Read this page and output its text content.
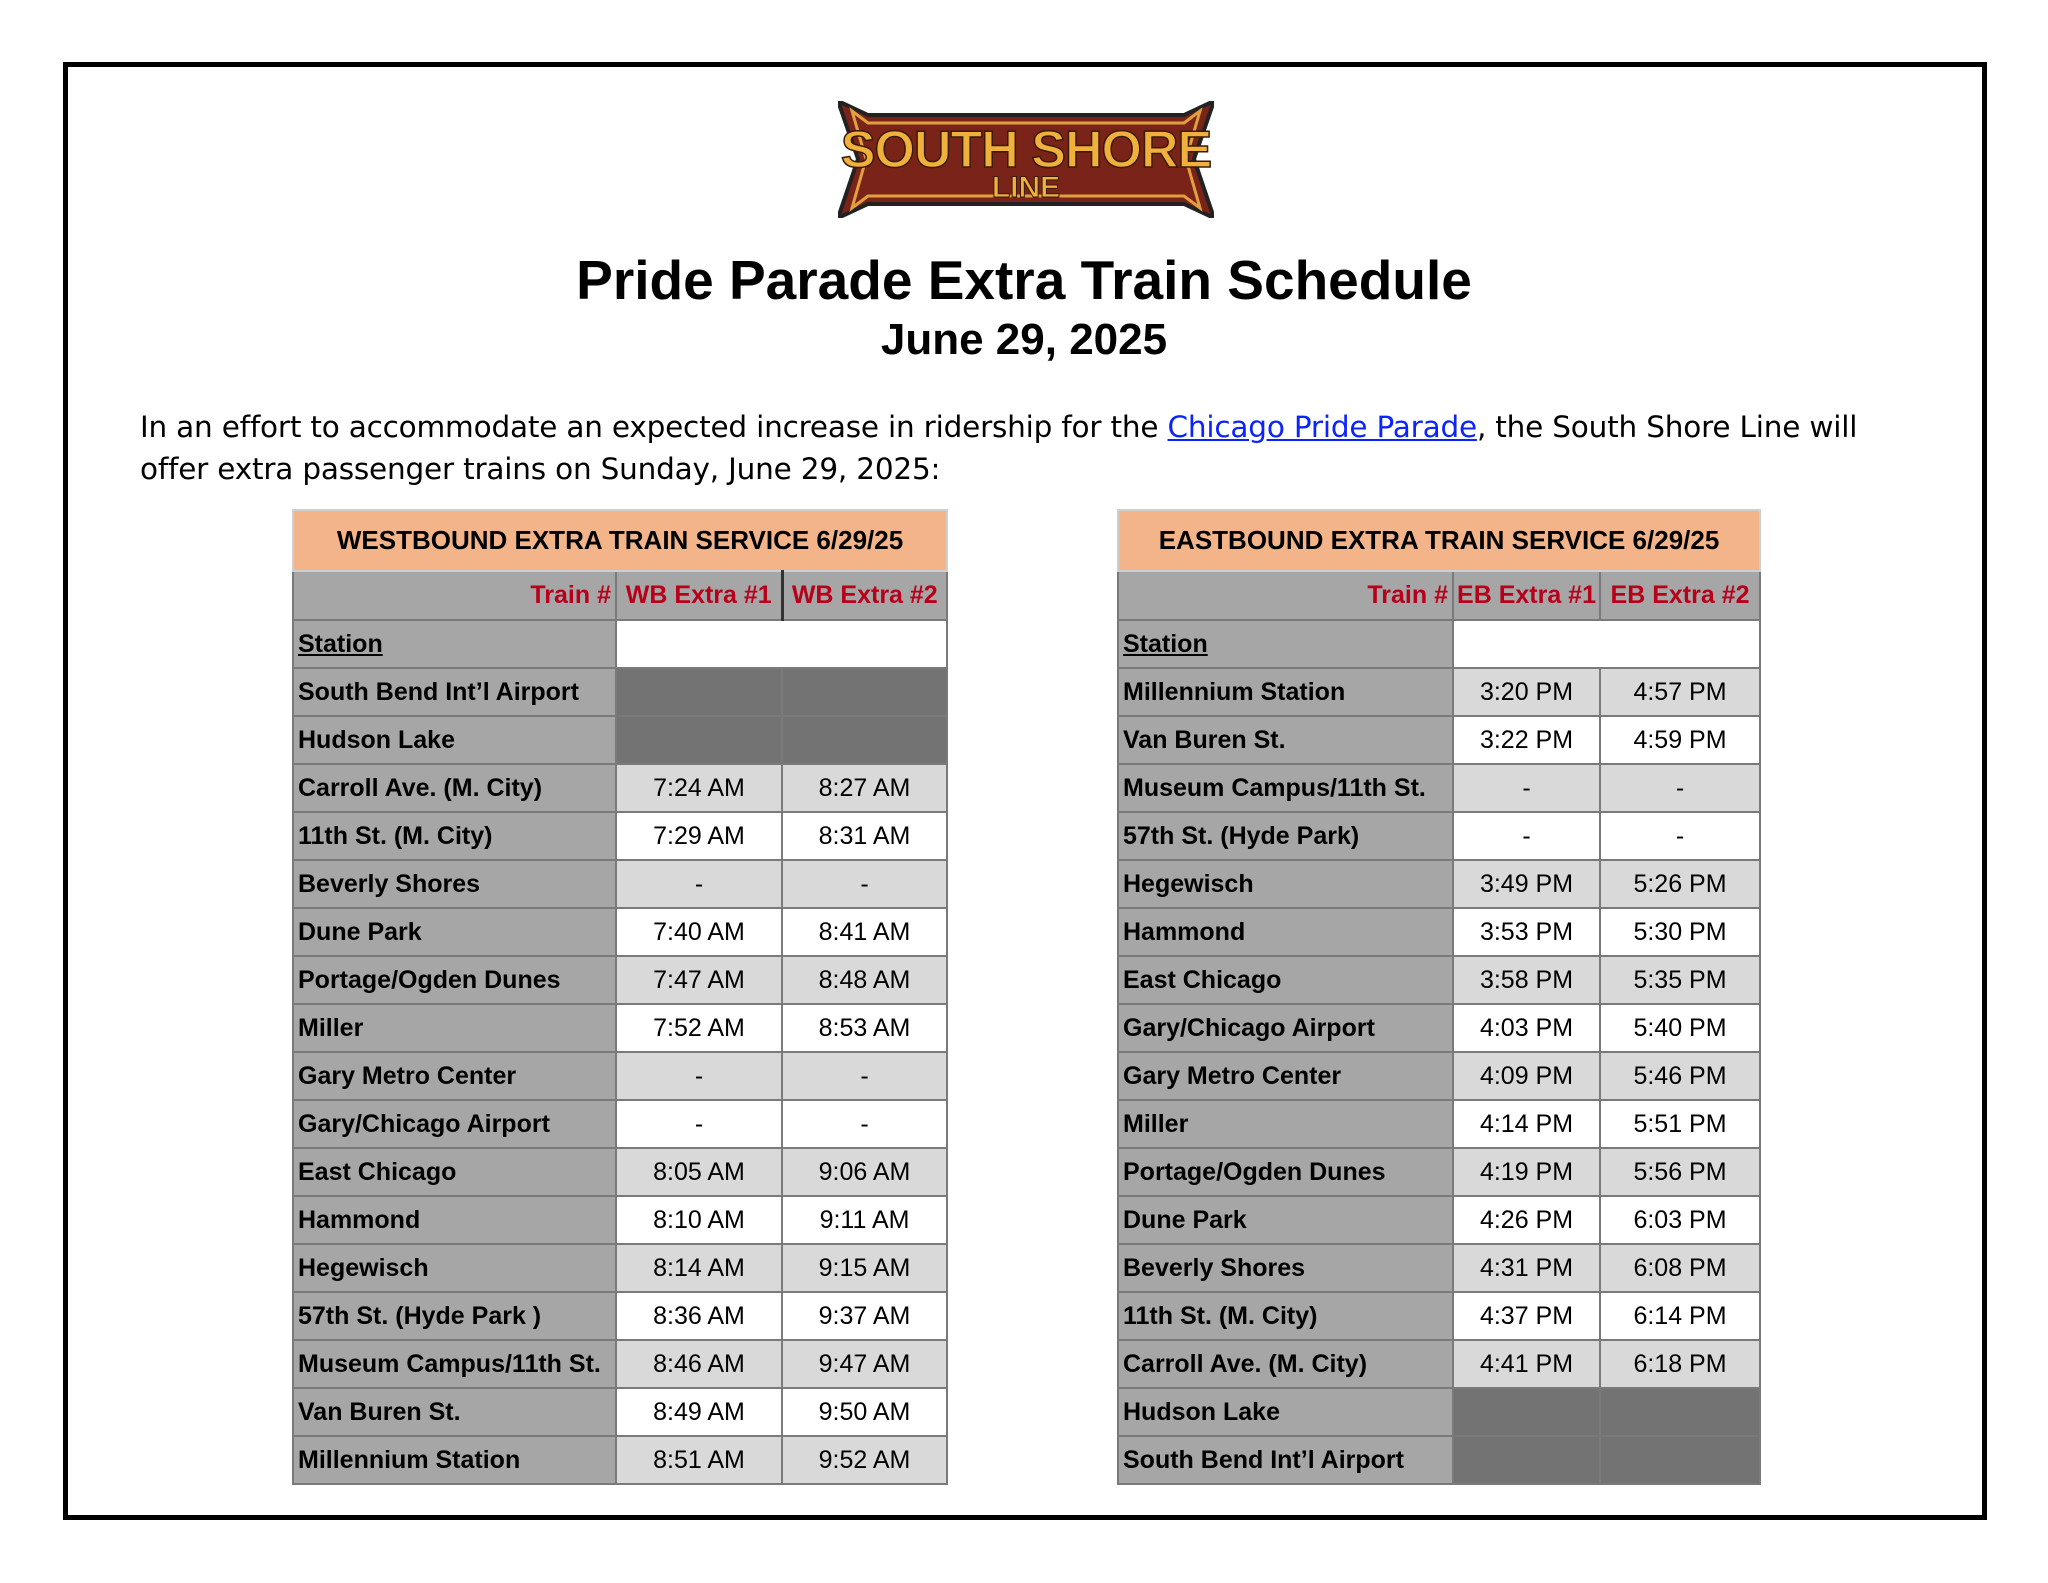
SOUTH SHORE
LINE
Pride Parade Extra Train Schedule
June 29, 2025
In an effort to accommodate an expected increase in ridership for the Chicago Pride Parade, the South Shore Line will offer extra passenger trains on Sunday, June 29, 2025:
WESTBOUND EXTRA TRAIN SERVICE 6/29/25		
Train #	WB Extra #1	WB Extra #2
Station		
South Bend Int’l Airport		
Hudson Lake		
Carroll Ave. (M. City)	7:24 AM	8:27 AM
11th St. (M. City)	7:29 AM	8:31 AM
Beverly Shores	-	-
Dune Park	7:40 AM	8:41 AM
Portage/Ogden Dunes	7:47 AM	8:48 AM
Miller	7:52 AM	8:53 AM
Gary Metro Center	-	-
Gary/Chicago Airport	-	-
East Chicago	8:05 AM	9:06 AM
Hammond	8:10 AM	9:11 AM
Hegewisch	8:14 AM	9:15 AM
57th St. (Hyde Park )	8:36 AM	9:37 AM
Museum Campus/11th St.	8:46 AM	9:47 AM
Van Buren St.	8:49 AM	9:50 AM
Millennium Station	8:51 AM	9:52 AM
EASTBOUND EXTRA TRAIN SERVICE 6/29/25		
Train #	EB Extra #1	EB Extra #2
Station		
Millennium Station	3:20 PM	4:57 PM
Van Buren St.	3:22 PM	4:59 PM
Museum Campus/11th St.	-	-
57th St. (Hyde Park)	-	-
Hegewisch	3:49 PM	5:26 PM
Hammond	3:53 PM	5:30 PM
East Chicago	3:58 PM	5:35 PM
Gary/Chicago Airport	4:03 PM	5:40 PM
Gary Metro Center	4:09 PM	5:46 PM
Miller	4:14 PM	5:51 PM
Portage/Ogden Dunes	4:19 PM	5:56 PM
Dune Park	4:26 PM	6:03 PM
Beverly Shores	4:31 PM	6:08 PM
11th St. (M. City)	4:37 PM	6:14 PM
Carroll Ave. (M. City)	4:41 PM	6:18 PM
Hudson Lake		
South Bend Int’l Airport		
